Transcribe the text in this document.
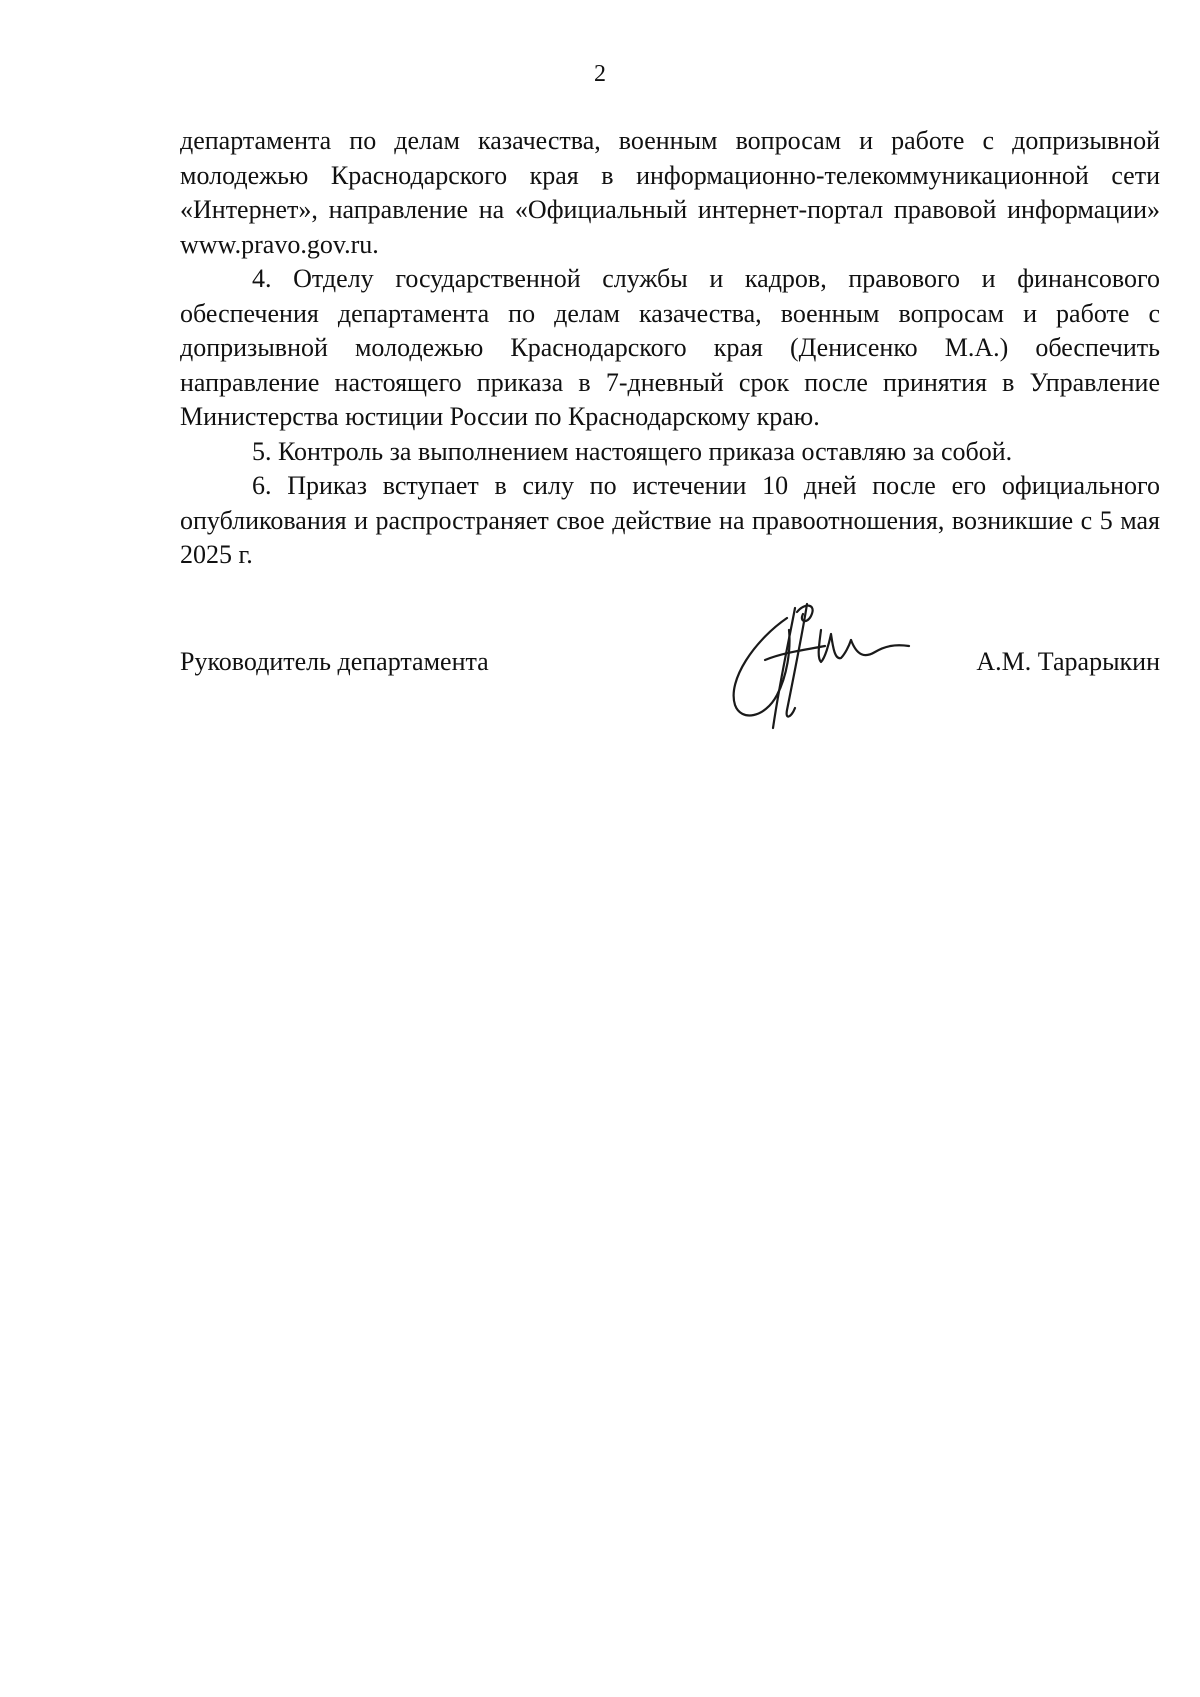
2

департамента по делам казачества, военным вопросам и работе с допризывной молодежью Краснодарского края в информационно-телекоммуникационной сети «Интернет», направление на «Официальный интернет-портал правовой информации» www.pravo.gov.ru.

4. Отделу государственной службы и кадров, правового и финансового обеспечения департамента по делам казачества, военным вопросам и работе с допризывной молодежью Краснодарского края (Денисенко М.А.) обеспечить направление настоящего приказа в 7-дневный срок после принятия в Управление Министерства юстиции России по Краснодарскому краю.

5. Контроль за выполнением настоящего приказа оставляю за собой.

6. Приказ вступает в силу по истечении 10 дней после его официального опубликования и распространяет свое действие на правоотношения, возникшие с 5 мая 2025 г.

Руководитель департамента	А.М. Тарарыкин
